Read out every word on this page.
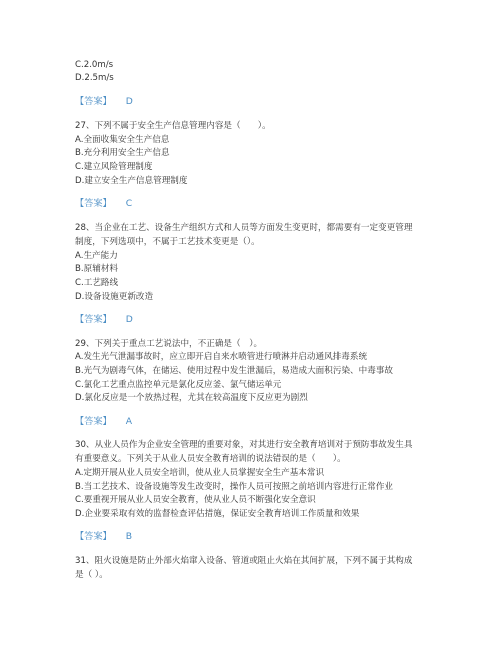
C.2.0m/s
D.2.5m/s
【答案】 D
27、下列不属于安全生产信息管理内容是（　　）。
A.全面收集安全生产信息
B.充分利用安全生产信息
C.建立风险管理制度
D.建立安全生产信息管理制度
【答案】 C
28、当企业在工艺、设备生产组织方式和人员等方面发生变更时，都需要有一定变更管理
制度，下列选项中，不属于工艺技术变更是（）。
A.生产能力
B.原辅材料
C.工艺路线
D.设备设施更新改造
【答案】 D
29、下列关于重点工艺说法中，不正确是（　）。
A.发生光气泄漏事故时，应立即开启自来水喷管进行喷淋并启动通风排毒系统
B.光气为剧毒气体，在储运、使用过程中发生泄漏后，易造成大面积污染、中毒事故
C.氯化工艺重点监控单元是氯化反应釜、氯气储运单元
D.氯化反应是一个放热过程，尤其在较高温度下反应更为剧烈
【答案】 A
30、从业人员作为企业安全管理的重要对象，对其进行安全教育培训对于预防事故发生具
有重要意义。下列关于从业人员安全教育培训的说法错误的是（　　）。
A.定期开展从业人员安全培训，使从业人员掌握安全生产基本常识
B.当工艺技术、设备设施等发生改变时，操作人员可按照之前培训内容进行正常作业
C.要重视开展从业人员安全教育，使从业人员不断强化安全意识
D.企业要采取有效的监督检查评估措施，保证安全教育培训工作质量和效果
【答案】 B
31、阻火设施是防止外部火焰窜入设备、管道或阻止火焰在其间扩展，下列不属于其构成
是（ ）。
